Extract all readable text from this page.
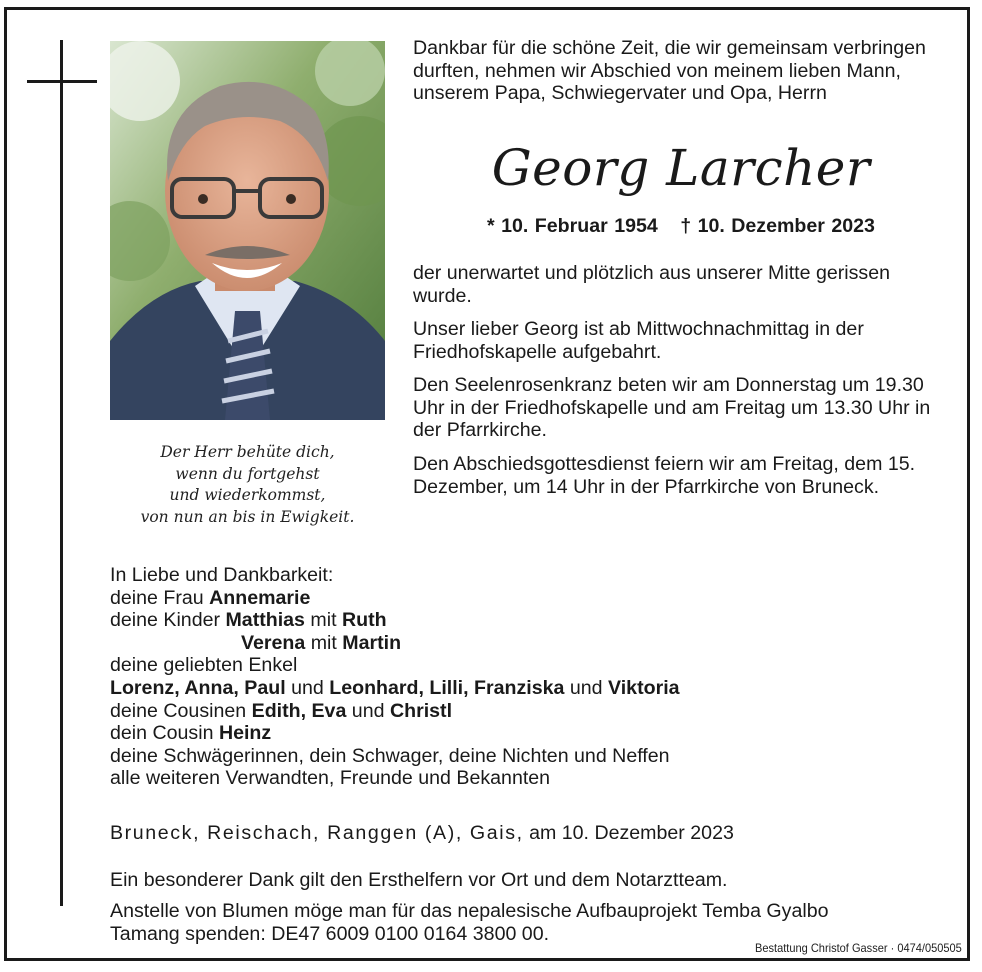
Der Herr behüte dich,
wenn du fortgehst
und wiederkommst,
von nun an bis in Ewigkeit.
Dankbar für die schöne Zeit, die wir gemeinsam verbringen durften, nehmen wir Abschied von meinem lieben Mann, unserem Papa, Schwiegervater und Opa, Herrn
Georg Larcher
* 10. Februar 1954 † 10. Dezember 2023
der unerwartet und plötzlich aus unserer Mitte gerissen wurde.
Unser lieber Georg ist ab Mittwochnachmittag in der Friedhofskapelle aufgebahrt.
Den Seelenrosenkranz beten wir am Donnerstag um 19.30 Uhr in der Friedhofskapelle und am Freitag um 13.30 Uhr in der Pfarrkirche.
Den Abschiedsgottesdienst feiern wir am Freitag, dem 15. Dezember, um 14 Uhr in der Pfarrkirche von Bruneck.
In Liebe und Dankbarkeit:
deine Frau Annemarie
deine Kinder Matthias mit Ruth
Verena mit Martin
deine geliebten Enkel
Lorenz, Anna, Paul und Leonhard, Lilli, Franziska und Viktoria
deine Cousinen Edith, Eva und Christl
dein Cousin Heinz
deine Schwägerinnen, dein Schwager, deine Nichten und Neffen
alle weiteren Verwandten, Freunde und Bekannten
Bruneck, Reischach, Ranggen (A), Gais, am 10. Dezember 2023
Ein besonderer Dank gilt den Ersthelfern vor Ort und dem Notarztteam.
Anstelle von Blumen möge man für das nepalesische Aufbauprojekt Temba Gyalbo
Tamang spenden: DE47 6009 0100 0164 3800 00.
Bestattung Christof Gasser · 0474/050505
